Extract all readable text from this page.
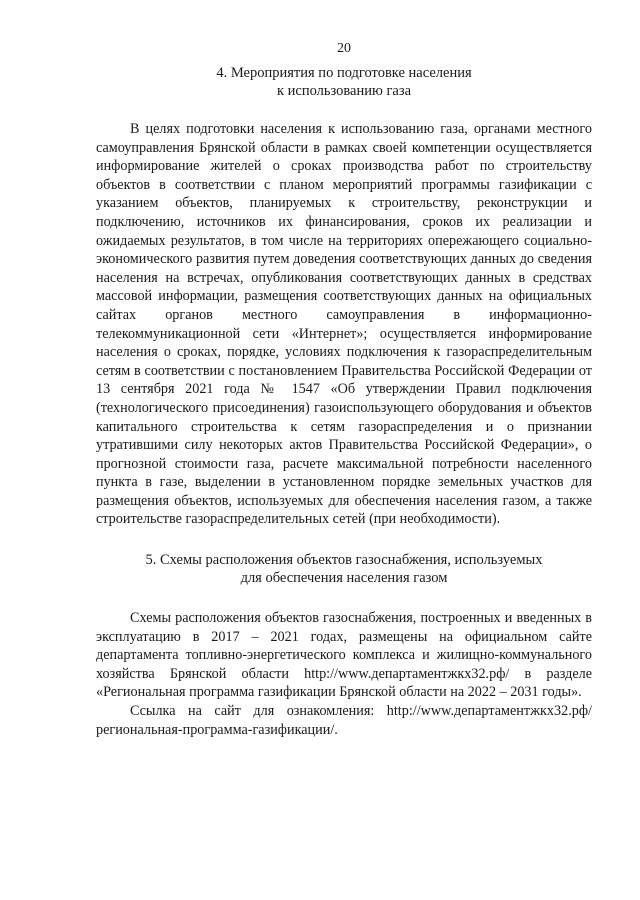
20
4. Мероприятия по подготовке населения
к использованию газа

В целях подготовки населения к использованию газа, органами местного самоуправления Брянской области в рамках своей компетенции осуществляется информирование жителей о сроках производства работ по строительству объектов в соответствии с планом мероприятий программы газификации с указанием объектов, планируемых к строительству, реконструкции и подключению, источников их финансирования, сроков их реализации и ожидаемых результатов, в том числе на территориях опережающего социально-экономического развития путем доведения соответствующих данных до сведения населения на встречах, опубликования соответствующих данных в средствах массовой информации, размещения соответствующих данных на официальных сайтах органов местного самоуправления в информационно-телекоммуникационной сети «Интернет»; осуществляется информирование населения о сроках, порядке, условиях подключения к газораспределительным сетям в соответствии с постановлением Правительства Российской Федерации от 13 сентября 2021 года № 1547 «Об утверждении Правил подключения (технологического присоединения) газоиспользующего оборудования и объектов капитального строительства к сетям газораспределения и о признании утратившими силу некоторых актов Правительства Российской Федерации», о прогнозной стоимости газа, расчете максимальной потребности населенного пункта в газе, выделении в установленном порядке земельных участков для размещения объектов, используемых для обеспечения населения газом, а также строительстве газораспределительных сетей (при необходимости).

5. Схемы расположения объектов газоснабжения, используемых
для обеспечения населения газом

Схемы расположения объектов газоснабжения, построенных и введенных в эксплуатацию в 2017 – 2021 годах, размещены на официальном сайте департамента топливно-энергетического комплекса и жилищно-коммунального хозяйства Брянской области http://www.департаментжкх32.рф/ в разделе «Региональная программа газификации Брянской области на 2022 – 2031 годы».

Ссылка на сайт для ознакомления: http://www.департаментжкх32.рф/региональная-программа-газификации/.
